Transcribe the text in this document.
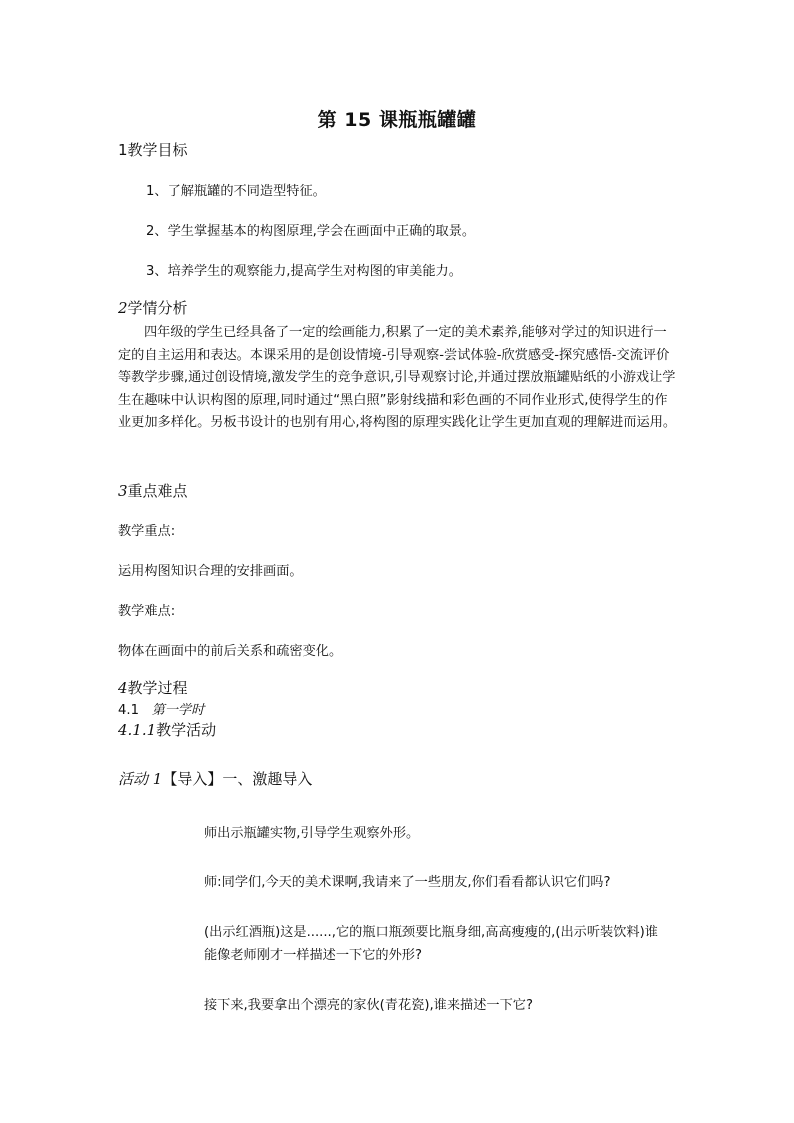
第 15 课瓶瓶罐罐
1教学目标
1、了解瓶罐的不同造型特征。
2、学生掌握基本的构图原理,学会在画面中正确的取景。
3、培养学生的观察能力,提高学生对构图的审美能力。
2学情分析

四年级的学生已经具备了一定的绘画能力,积累了一定的美术素养,能够对学过的知识进行一定的自主运用和表达。本课采用的是创设情境-引导观察-尝试体验-欣赏感受-探究感悟-交流评价等教学步骤,通过创设情境,激发学生的竞争意识,引导观察讨论,并通过摆放瓶罐贴纸的小游戏让学生在趣味中认识构图的原理,同时通过“黑白照”影射线描和彩色画的不同作业形式,使得学生的作业更加多样化。另板书设计的也别有用心,将构图的原理实践化让学生更加直观的理解进而运用。

3重点难点
教学重点:
运用构图知识合理的安排画面。
教学难点:
物体在画面中的前后关系和疏密变化。
4教学过程
4.1 第一学时
4.1.1教学活动
活动 1【导入】一、激趣导入
师出示瓶罐实物,引导学生观察外形。
师:同学们,今天的美术课啊,我请来了一些朋友,你们看看都认识它们吗?
(出示红酒瓶)这是......,它的瓶口瓶颈要比瓶身细,高高瘦瘦的,(出示听装饮料)谁
能像老师刚才一样描述一下它的外形?
接下来,我要拿出个漂亮的家伙(青花瓷),谁来描述一下它?
